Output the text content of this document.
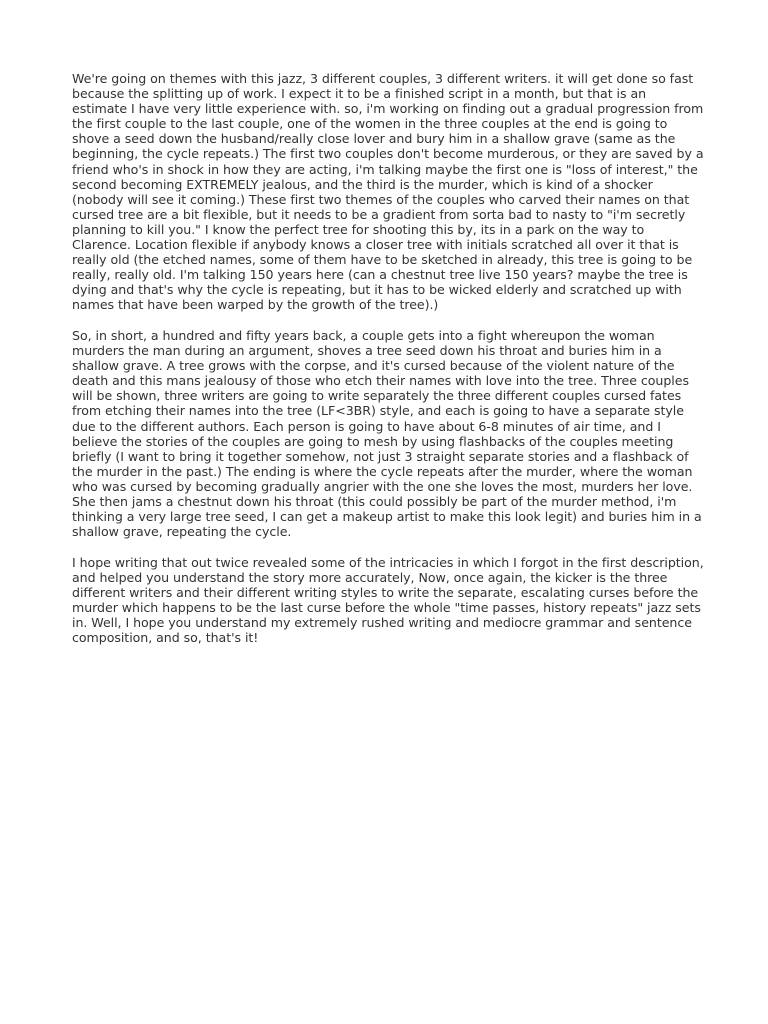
We're going on themes with this jazz, 3 different couples, 3 different writers. it will get done so fast because the splitting up of work. I expect it to be a finished script in a month, but that is an estimate I have very little experience with. so, i'm working on finding out a gradual progression from the first couple to the last couple, one of the women in the three couples at the end is going to shove a seed down the husband/really close lover and bury him in a shallow grave (same as the beginning, the cycle repeats.) The first two couples don't become murderous, or they are saved by a friend who's in shock in how they are acting, i'm talking maybe the first one is "loss of interest," the second becoming EXTREMELY jealous, and the third is the murder, which is kind of a shocker (nobody will see it coming.) These first two themes of the couples who carved their names on that cursed tree are a bit flexible, but it needs to be a gradient from sorta bad to nasty to "i'm secretly planning to kill you." I know the perfect tree for shooting this by, its in a park on the way to Clarence. Location flexible if anybody knows a closer tree with initials scratched all over it that is really old (the etched names, some of them have to be sketched in already, this tree is going to be really, really old. I'm talking 150 years here (can a chestnut tree live 150 years? maybe the tree is dying and that's why the cycle is repeating, but it has to be wicked elderly and scratched up with names that have been warped by the growth of the tree).)

So, in short, a hundred and fifty years back, a couple gets into a fight whereupon the woman murders the man during an argument, shoves a tree seed down his throat and buries him in a shallow grave. A tree grows with the corpse, and it's cursed because of the violent nature of the death and this mans jealousy of those who etch their names with love into the tree. Three couples will be shown, three writers are going to write separately the three different couples cursed fates from etching their names into the tree (LF<3BR) style, and each is going to have a separate style due to the different authors. Each person is going to have about 6-8 minutes of air time, and I believe the stories of the couples are going to mesh by using flashbacks of the couples meeting briefly (I want to bring it together somehow, not just 3 straight separate stories and a flashback of the murder in the past.) The ending is where the cycle repeats after the murder, where the woman who was cursed by becoming gradually angrier with the one she loves the most, murders her love. She then jams a chestnut down his throat (this could possibly be part of the murder method, i'm thinking a very large tree seed, I can get a makeup artist to make this look legit) and buries him in a shallow grave, repeating the cycle.

I hope writing that out twice revealed some of the intricacies in which I forgot in the first description, and helped you understand the story more accurately, Now, once again, the kicker is the three different writers and their different writing styles to write the separate, escalating curses before the murder which happens to be the last curse before the whole "time passes, history repeats" jazz sets in. Well, I hope you understand my extremely rushed writing and mediocre grammar and sentence composition, and so, that's it!
